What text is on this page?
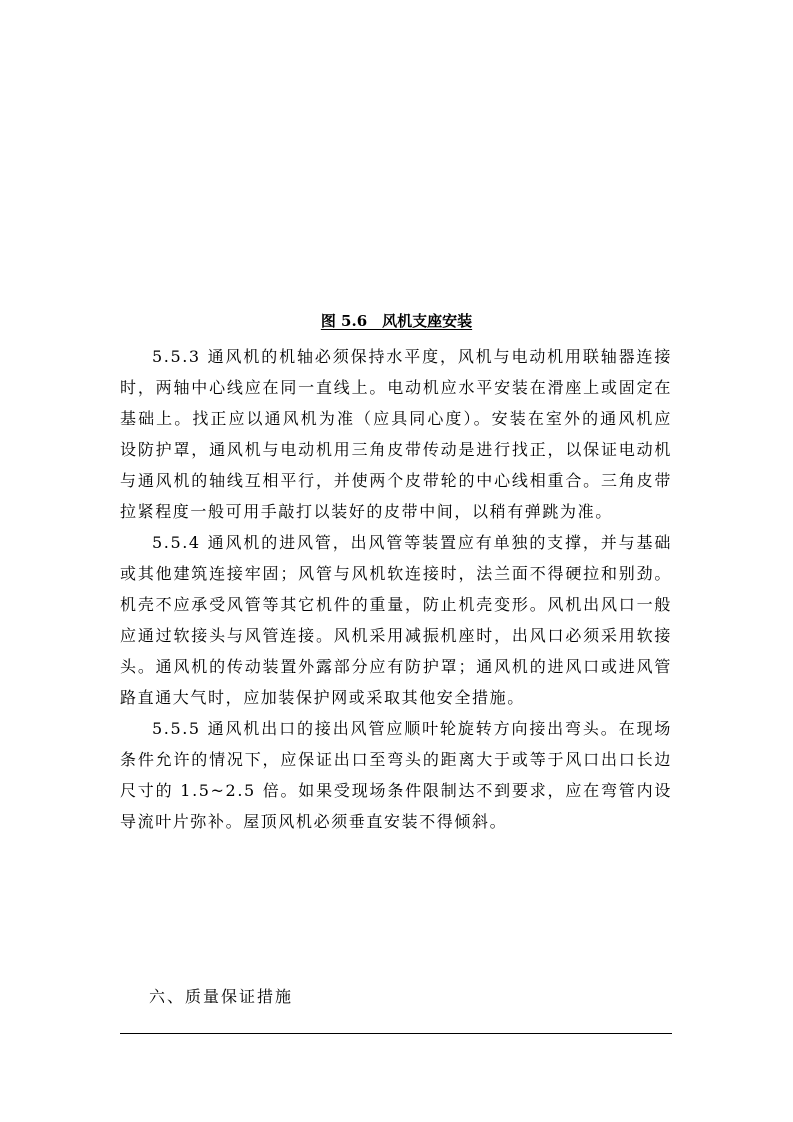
图 5.6　风机支座安装

5.5.3 通风机的机轴必须保持水平度，风机与电动机用联轴器连接时，两轴中心线应在同一直线上。电动机应水平安装在滑座上或固定在基础上。找正应以通风机为准（应具同心度）。安装在室外的通风机应设防护罩，通风机与电动机用三角皮带传动是进行找正，以保证电动机与通风机的轴线互相平行，并使两个皮带轮的中心线相重合。三角皮带拉紧程度一般可用手敲打以装好的皮带中间，以稍有弹跳为准。

5.5.4 通风机的进风管，出风管等装置应有单独的支撑，并与基础或其他建筑连接牢固；风管与风机软连接时，法兰面不得硬拉和别劲。机壳不应承受风管等其它机件的重量，防止机壳变形。风机出风口一般应通过软接头与风管连接。风机采用减振机座时，出风口必须采用软接头。通风机的传动装置外露部分应有防护罩；通风机的进风口或进风管路直通大气时，应加装保护网或采取其他安全措施。

5.5.5 通风机出口的接出风管应顺叶轮旋转方向接出弯头。在现场条件允许的情况下，应保证出口至弯头的距离大于或等于风口出口长边尺寸的 1.5~2.5 倍。如果受现场条件限制达不到要求，应在弯管内设导流叶片弥补。屋顶风机必须垂直安装不得倾斜。

六、质量保证措施
